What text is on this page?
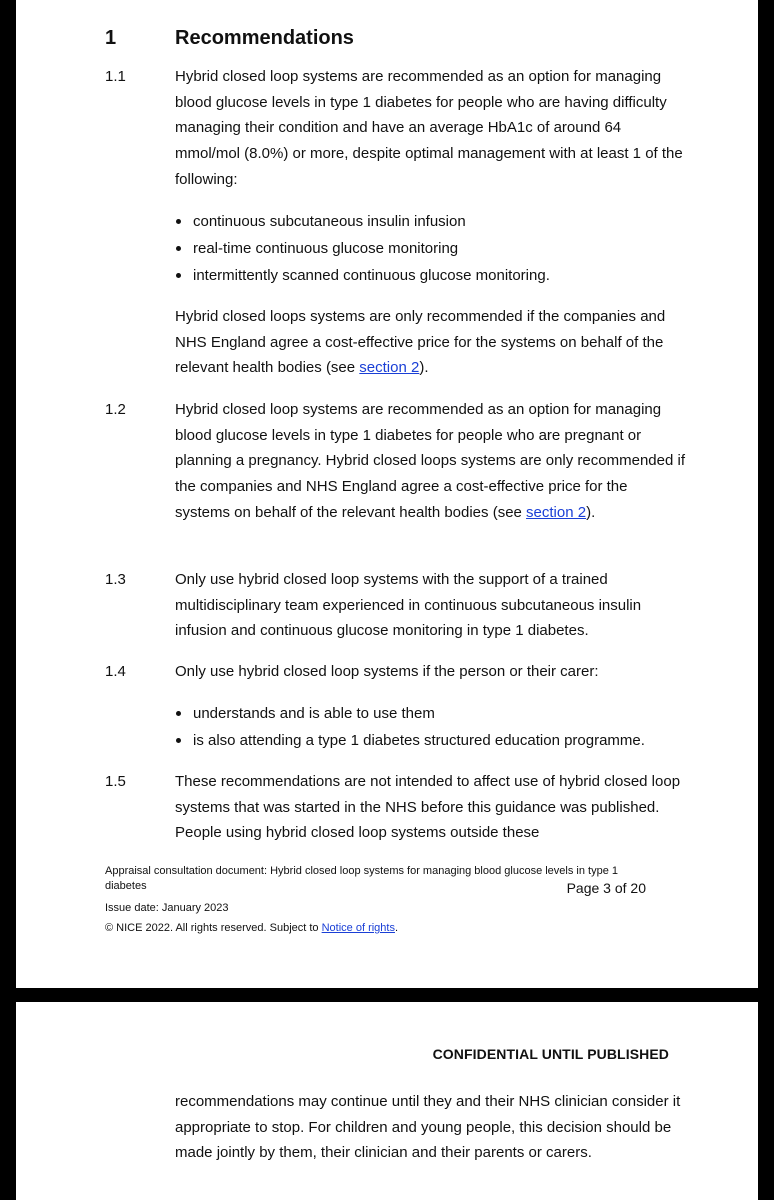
1	Recommendations
1.1	Hybrid closed loop systems are recommended as an option for managing blood glucose levels in type 1 diabetes for people who are having difficulty managing their condition and have an average HbA1c of around 64 mmol/mol (8.0%) or more, despite optimal management with at least 1 of the following:

continuous subcutaneous insulin infusion
real-time continuous glucose monitoring
intermittently scanned continuous glucose monitoring.

Hybrid closed loops systems are only recommended if the companies and NHS England agree a cost-effective price for the systems on behalf of the relevant health bodies (see section 2).

1.2	Hybrid closed loop systems are recommended as an option for managing blood glucose levels in type 1 diabetes for people who are pregnant or planning a pregnancy. Hybrid closed loops systems are only recommended if the companies and NHS England agree a cost-effective price for the systems on behalf of the relevant health bodies (see section 2).

1.3	Only use hybrid closed loop systems with the support of a trained multidisciplinary team experienced in continuous subcutaneous insulin infusion and continuous glucose monitoring in type 1 diabetes.

1.4	Only use hybrid closed loop systems if the person or their carer:

understands and is able to use them
is also attending a type 1 diabetes structured education programme.
1.5	These recommendations are not intended to affect use of hybrid closed loop systems that was started in the NHS before this guidance was published. People using hybrid closed loop systems outside these

Appraisal consultation document: Hybrid closed loop systems for managing blood glucose levels in type 1 diabetes	Page 3 of 20
Issue date: January 2023
© NICE 2022. All rights reserved. Subject to Notice of rights.
CONFIDENTIAL UNTIL PUBLISHED

recommendations may continue until they and their NHS clinician consider it appropriate to stop. For children and young people, this decision should be made jointly by them, their clinician and their parents or carers.
